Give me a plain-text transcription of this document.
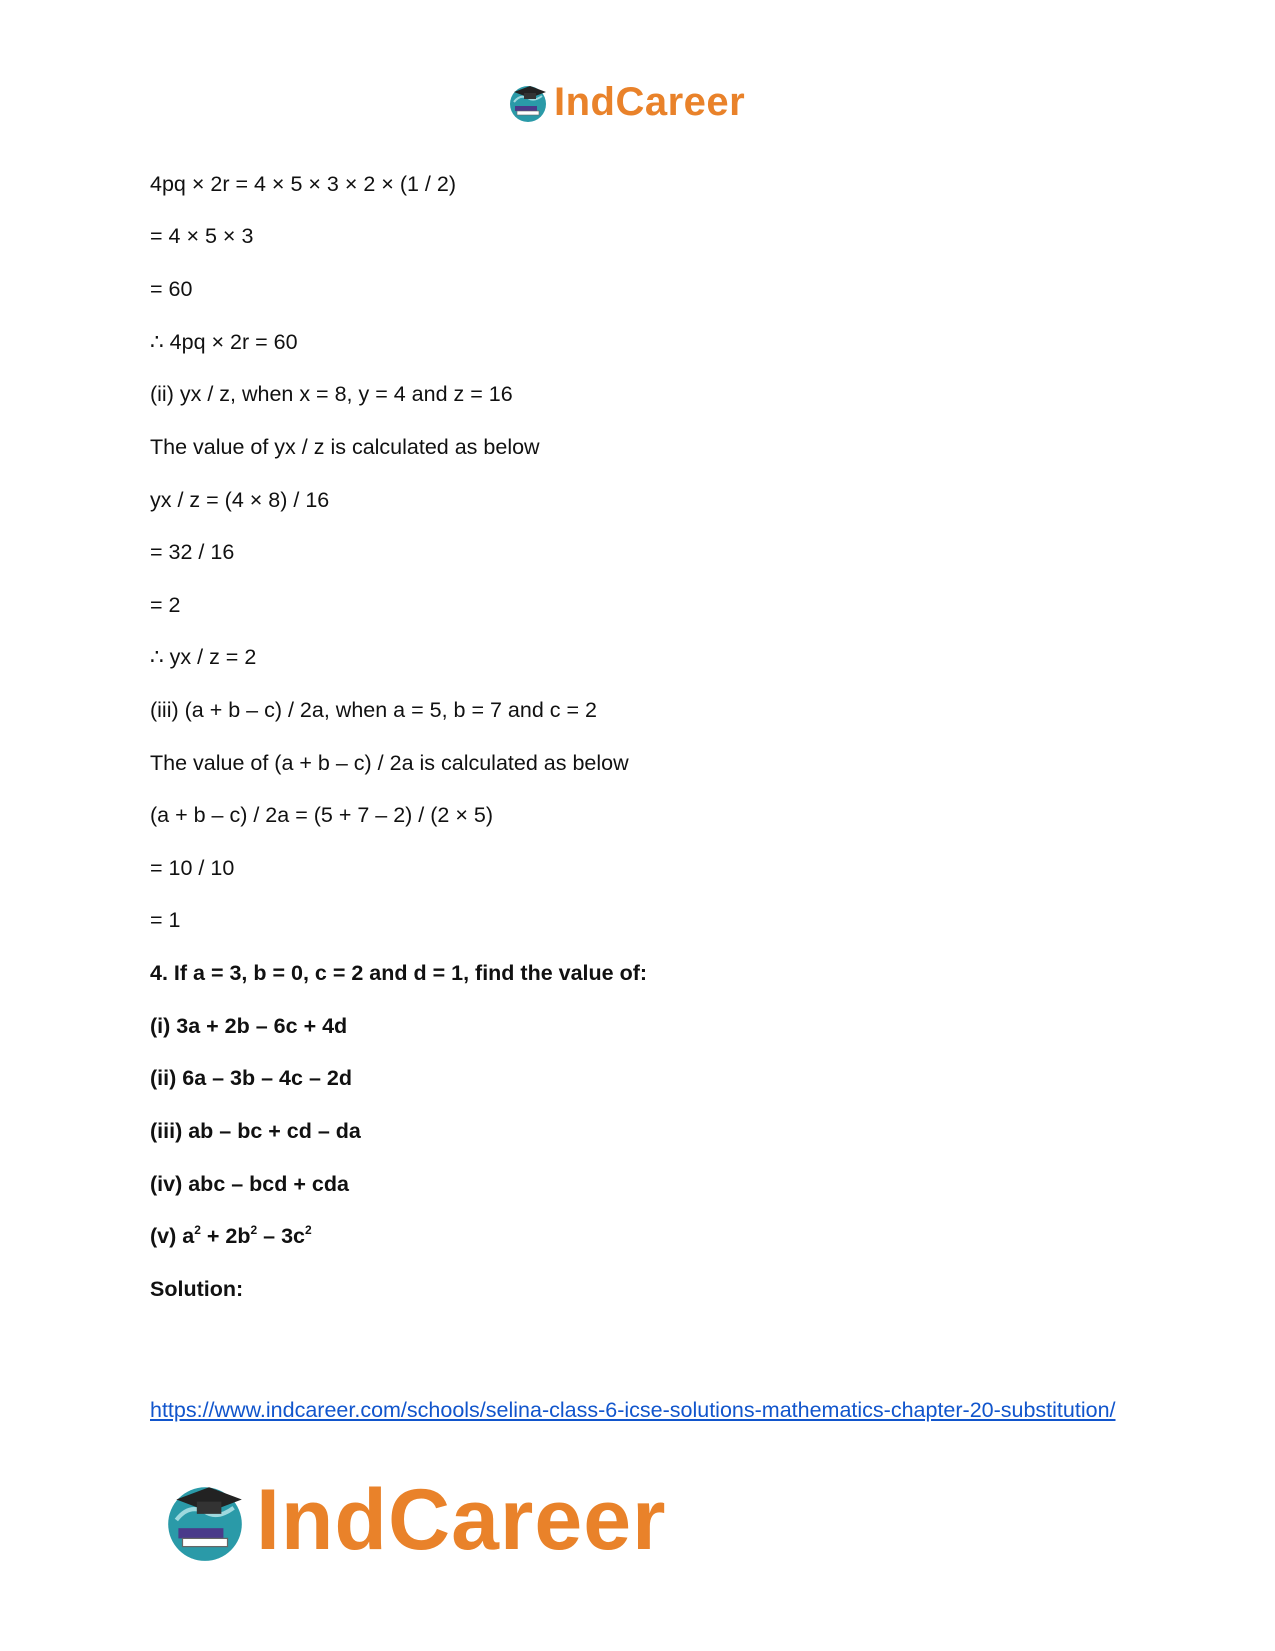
IndCareer
4pq × 2r = 4 × 5 × 3 × 2 × (1 / 2)
= 4 × 5 × 3
= 60
∴ 4pq × 2r = 60
(ii) yx / z, when x = 8, y = 4 and z = 16
The value of yx / z is calculated as below
yx / z = (4 × 8) / 16
= 32 / 16
= 2
∴ yx / z = 2
(iii) (a + b – c) / 2a, when a = 5, b = 7 and c = 2
The value of (a + b – c) / 2a is calculated as below
(a + b – c) / 2a = (5 + 7 – 2) / (2 × 5)
= 10 / 10
= 1
4. If a = 3, b = 0, c = 2 and d = 1, find the value of:
(i) 3a + 2b – 6c + 4d
(ii) 6a – 3b – 4c – 2d
(iii) ab – bc + cd – da
(iv) abc – bcd + cda
(v) $a^2 + 2b^2 - 3c^2$
Solution:
https://www.indcareer.com/schools/selina-class-6-icse-solutions-mathematics-chapter-20-substitution/
IndCareer
